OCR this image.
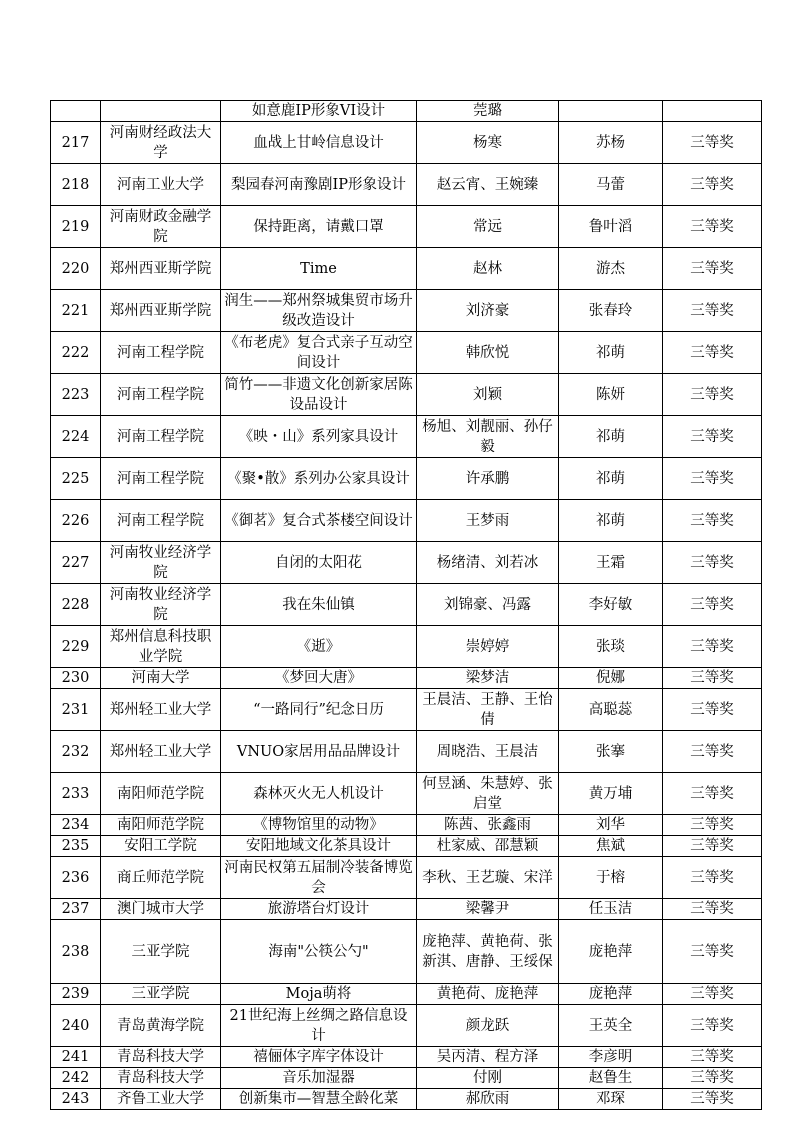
		如意鹿IP形象VI设计	莞璐		
217	河南财经政法大学	血战上甘岭信息设计	杨寒	苏杨	三等奖
218	河南工业大学	梨园春河南豫剧IP形象设计	赵云宵、王婉臻	马蕾	三等奖
219	河南财政金融学院	保持距离，请戴口罩	常远	鲁叶滔	三等奖
220	郑州西亚斯学院	Time	赵林	游杰	三等奖
221	郑州西亚斯学院	润生——郑州祭城集贸市场升级改造设计	刘济豪	张春玲	三等奖
222	河南工程学院	《布老虎》复合式亲子互动空间设计	韩欣悦	祁萌	三等奖
223	河南工程学院	简竹——非遗文化创新家居陈设品设计	刘颖	陈妍	三等奖
224	河南工程学院	《映・山》系列家具设计	杨旭、刘靓丽、孙仔毅	祁萌	三等奖
225	河南工程学院	《聚•散》系列办公家具设计	许承鹏	祁萌	三等奖
226	河南工程学院	《御茗》复合式茶楼空间设计	王梦雨	祁萌	三等奖
227	河南牧业经济学院	自闭的太阳花	杨绪清、刘若冰	王霜	三等奖
228	河南牧业经济学院	我在朱仙镇	刘锦豪、冯露	李好敏	三等奖
229	郑州信息科技职业学院	《逝》	崇婷婷	张琰	三等奖
230	河南大学	《梦回大唐》	梁梦洁	倪娜	三等奖
231	郑州轻工业大学	“一路同行”纪念日历	王晨洁、王静、王怡倩	高聪蕊	三等奖
232	郑州轻工业大学	VNUO家居用品品牌设计	周晓浩、王晨洁	张搴	三等奖
233	南阳师范学院	森林灭火无人机设计	何昱涵、朱慧婷、张启堂	黄万埔	三等奖
234	南阳师范学院	《博物馆里的动物》	陈茜、张鑫雨	刘华	三等奖
235	安阳工学院	安阳地域文化茶具设计	杜家威、邵慧颖	焦斌	三等奖
236	商丘师范学院	河南民权第五届制冷装备博览会	李秋、王艺璇、宋洋	于榕	三等奖
237	澳门城市大学	旅游塔台灯设计	梁馨尹	任玉洁	三等奖
238	三亚学院	海南"公筷公勺"	庞艳萍、黄艳荷、张新淇、唐静、王绥保	庞艳萍	三等奖
239	三亚学院	Moja萌将	黄艳荷、庞艳萍	庞艳萍	三等奖
240	青岛黄海学院	21世纪海上丝绸之路信息设计	颜龙跃	王英全	三等奖
241	青岛科技大学	禧俪体字库字体设计	吴丙清、程方泽	李彦明	三等奖
242	青岛科技大学	音乐加湿器	付刚	赵鲁生	三等奖
243	齐鲁工业大学	创新集市—智慧全龄化菜	郝欣雨	邓琛	三等奖
